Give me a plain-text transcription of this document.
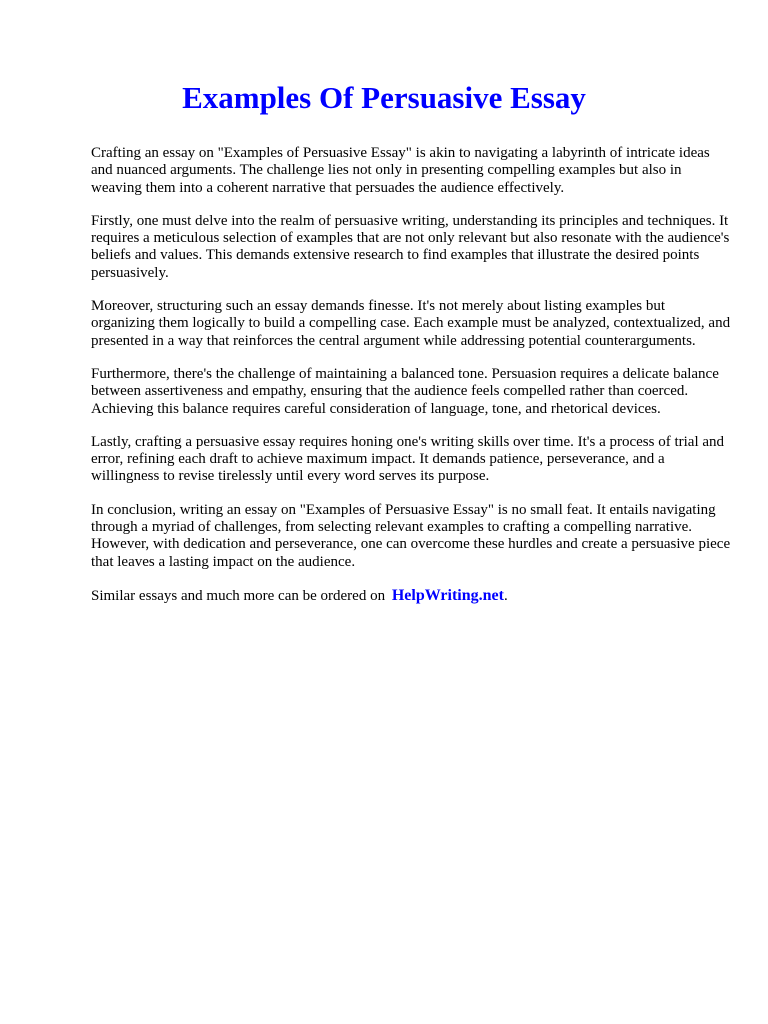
Examples Of Persuasive Essay

Crafting an essay on "Examples of Persuasive Essay" is akin to navigating a labyrinth of intricate ideas and nuanced arguments. The challenge lies not only in presenting compelling examples but also in weaving them into a coherent narrative that persuades the audience effectively.

Firstly, one must delve into the realm of persuasive writing, understanding its principles and techniques. It requires a meticulous selection of examples that are not only relevant but also resonate with the audience's beliefs and values. This demands extensive research to find examples that illustrate the desired points persuasively.

Moreover, structuring such an essay demands finesse. It's not merely about listing examples but organizing them logically to build a compelling case. Each example must be analyzed, contextualized, and presented in a way that reinforces the central argument while addressing potential counterarguments.

Furthermore, there's the challenge of maintaining a balanced tone. Persuasion requires a delicate balance between assertiveness and empathy, ensuring that the audience feels compelled rather than coerced. Achieving this balance requires careful consideration of language, tone, and rhetorical devices.

Lastly, crafting a persuasive essay requires honing one's writing skills over time. It's a process of trial and error, refining each draft to achieve maximum impact. It demands patience, perseverance, and a willingness to revise tirelessly until every word serves its purpose.

In conclusion, writing an essay on "Examples of Persuasive Essay" is no small feat. It entails navigating through a myriad of challenges, from selecting relevant examples to crafting a compelling narrative. However, with dedication and perseverance, one can overcome these hurdles and create a persuasive piece that leaves a lasting impact on the audience.

Similar essays and much more can be ordered on HelpWriting.net.
